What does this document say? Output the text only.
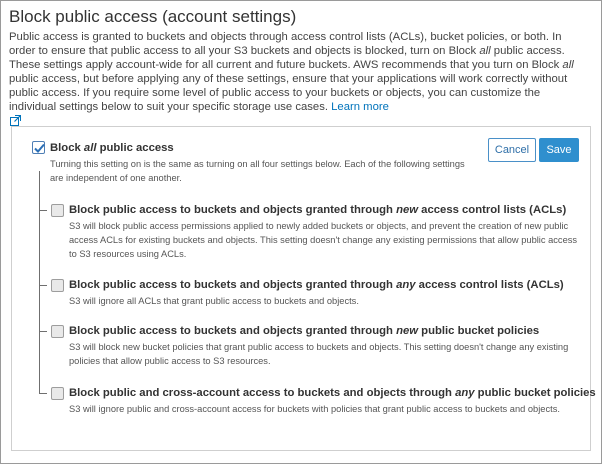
Block public access (account settings)
Public access is granted to buckets and objects through access control lists (ACLs), bucket policies, or both. In order to ensure that public access to all your S3 buckets and objects is blocked, turn on Block all public access. These settings apply account-wide for all current and future buckets. AWS recommends that you turn on Block all public access, but before applying any of these settings, ensure that your applications will work correctly without public access. If you require some level of public access to your buckets or objects, you can customize the individual settings below to suit your specific storage use cases. Learn more

Cancel	Save
Block all public access
Turning this setting on is the same as turning on all four settings below. Each of the following settings are independent of one another.
Block public access to buckets and objects granted through new access control lists (ACLs)
S3 will block public access permissions applied to newly added buckets or objects, and prevent the creation of new public access ACLs for existing buckets and objects. This setting doesn't change any existing permissions that allow public access to S3 resources using ACLs.
Block public access to buckets and objects granted through any access control lists (ACLs)
S3 will ignore all ACLs that grant public access to buckets and objects.
Block public access to buckets and objects granted through new public bucket policies
S3 will block new bucket policies that grant public access to buckets and objects. This setting doesn't change any existing policies that allow public access to S3 resources.
Block public and cross-account access to buckets and objects through any public bucket policies
S3 will ignore public and cross-account access for buckets with policies that grant public access to buckets and objects.
